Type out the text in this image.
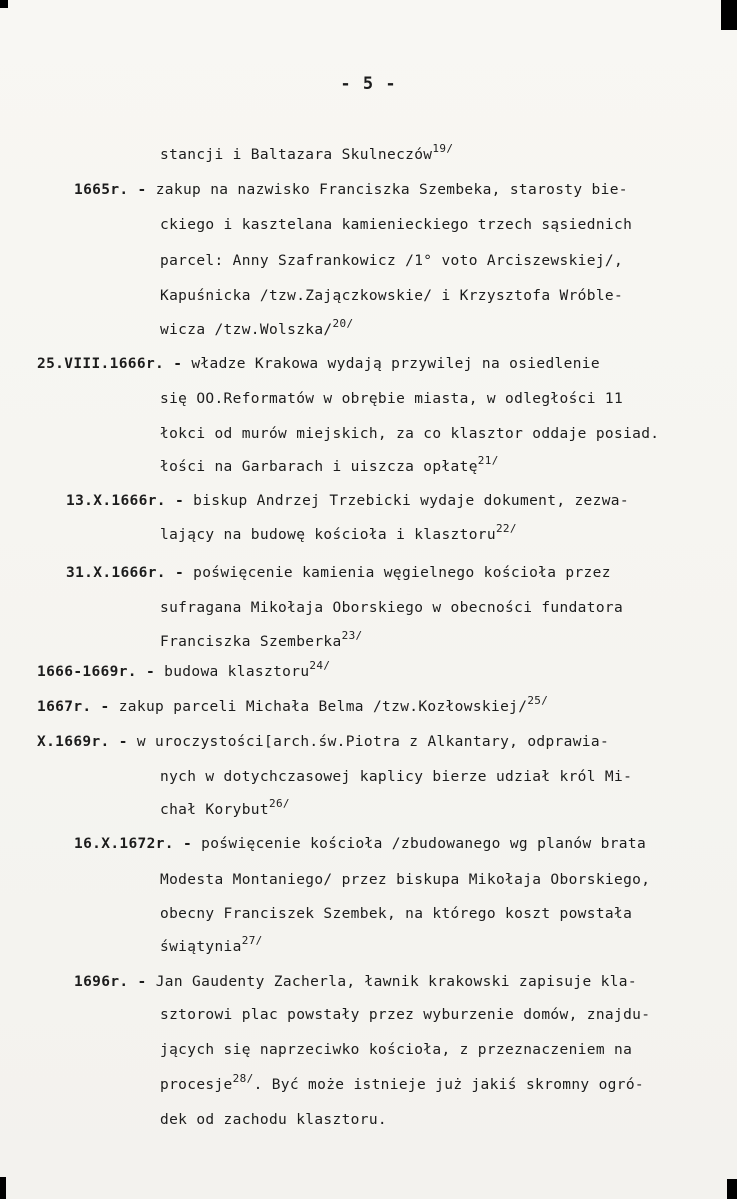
- 5 -
stancji i Baltazara Skulneczów$^{19/}$
1665r. - zakup na nazwisko Franciszka Szembeka, starosty bie-
ckiego i kasztelana kamienieckiego trzech sąsiednich
parcel: Anny Szafrankowicz /1° voto Arciszewskiej/,
Kapuśnicka /tzw.Zajączkowskie/ i Krzysztofa Wróble-
wicza /tzw.Wolszka/$^{20/}$
25.VIII.1666r. - władze Krakowa wydają przywilej na osiedlenie
się OO.Reformatów w obrębie miasta, w odległości 11
łokci od murów miejskich, za co klasztor oddaje posiad.
łości na Garbarach i uiszcza opłatę$^{21/}$
13.X.1666r. - biskup Andrzej Trzebicki wydaje dokument, zezwa-
lający na budowę kościoła i klasztoru$^{22/}$
31.X.1666r. - poświęcenie kamienia węgielnego kościoła przez
sufragana Mikołaja Oborskiego w obecności fundatora
Franciszka Szemberka$^{23/}$
1666-1669r. - budowa klasztoru$^{24/}$
1667r. - zakup parceli Michała Belma /tzw.Kozłowskiej/$^{25/}$
X.1669r. - w uroczystości[arch.św.Piotra z Alkantary, odprawia-
nych w dotychczasowej kaplicy bierze udział król Mi-
chał Korybut$^{26/}$
16.X.1672r. - poświęcenie kościoła /zbudowanego wg planów brata
Modesta Montaniego/ przez biskupa Mikołaja Oborskiego,
obecny Franciszek Szembek, na którego koszt powstała
świątynia$^{27/}$
1696r. - Jan Gaudenty Zacherla, ławnik krakowski zapisuje kla-
sztorowi plac powstały przez wyburzenie domów, znajdu-
jących się naprzeciwko kościoła, z przeznaczeniem na
procesje$^{28/}$. Być może istnieje już jakiś skromny ogró-
dek od zachodu klasztoru.
